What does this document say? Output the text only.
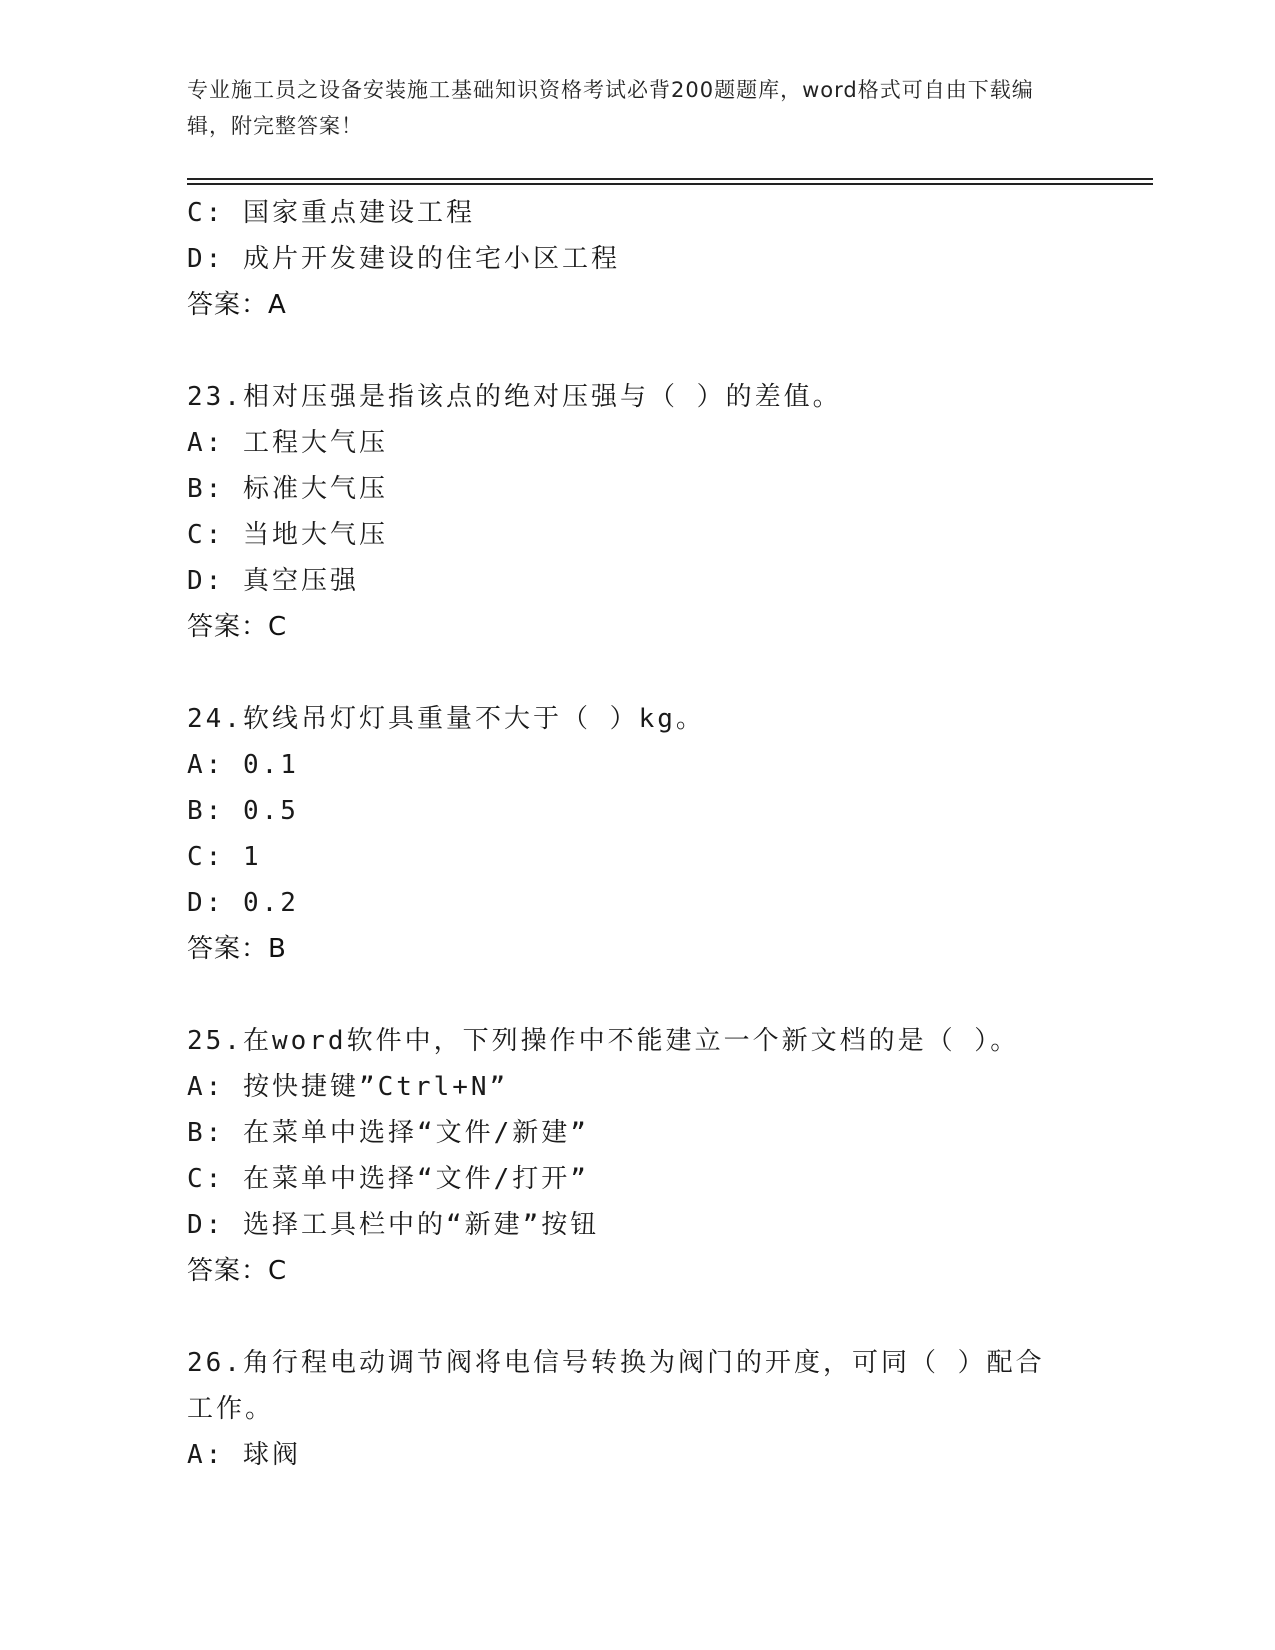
专业施工员之设备安装施工基础知识资格考试必背200题题库，word格式可自由下载编辑，附完整答案！
C: 国家重点建设工程
D: 成片开发建设的住宅小区工程
答案：A
23.相对压强是指该点的绝对压强与（ ）的差值。
A: 工程大气压
B: 标准大气压
C: 当地大气压
D: 真空压强
答案：C
24.软线吊灯灯具重量不大于（ ）kg。
A: 0.1
B: 0.5
C: 1
D: 0.2
答案：B
25.在word软件中，下列操作中不能建立一个新文档的是（ ）。
A: 按快捷键”Ctrl+N”
B: 在菜单中选择“文件/新建”
C: 在菜单中选择“文件/打开”
D: 选择工具栏中的“新建”按钮
答案：C
26.角行程电动调节阀将电信号转换为阀门的开度，可同（ ）配合工作。
A: 球阀
